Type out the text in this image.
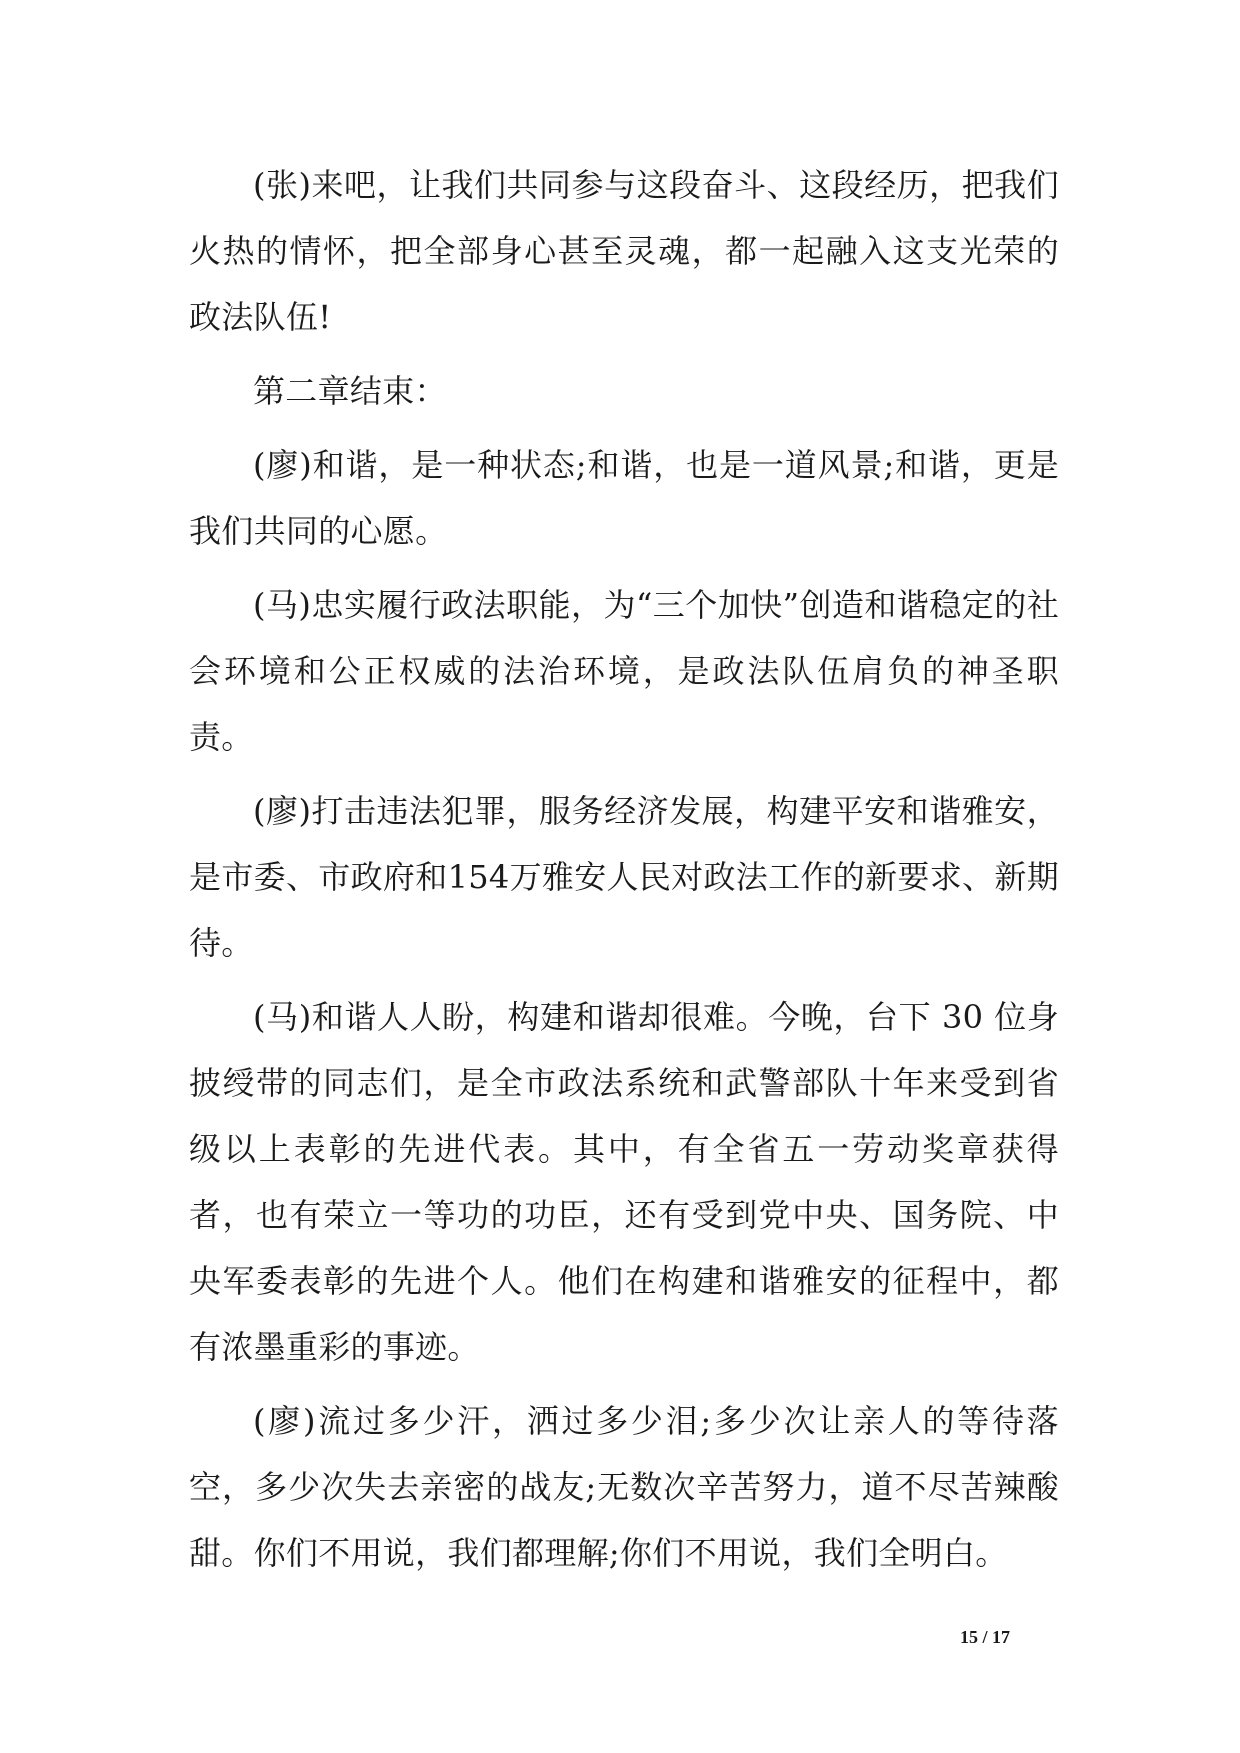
(张)来吧，让我们共同参与这段奋斗、这段经历，把我们火热的情怀，把全部身心甚至灵魂，都一起融入这支光荣的政法队伍!

第二章结束：

(廖)和谐，是一种状态;和谐，也是一道风景;和谐，更是我们共同的心愿。

(马)忠实履行政法职能，为“三个加快”创造和谐稳定的社会环境和公正权威的法治环境，是政法队伍肩负的神圣职责。

(廖)打击违法犯罪，服务经济发展，构建平安和谐雅安，是市委、市政府和154万雅安人民对政法工作的新要求、新期待。

(马)和谐人人盼，构建和谐却很难。今晚，台下 30 位身披绶带的同志们，是全市政法系统和武警部队十年来受到省级以上表彰的先进代表。其中，有全省五一劳动奖章获得者，也有荣立一等功的功臣，还有受到党中央、国务院、中央军委表彰的先进个人。他们在构建和谐雅安的征程中，都有浓墨重彩的事迹。

(廖)流过多少汗，洒过多少泪;多少次让亲人的等待落空，多少次失去亲密的战友;无数次辛苦努力，道不尽苦辣酸甜。你们不用说，我们都理解;你们不用说，我们全明白。

15 / 17
